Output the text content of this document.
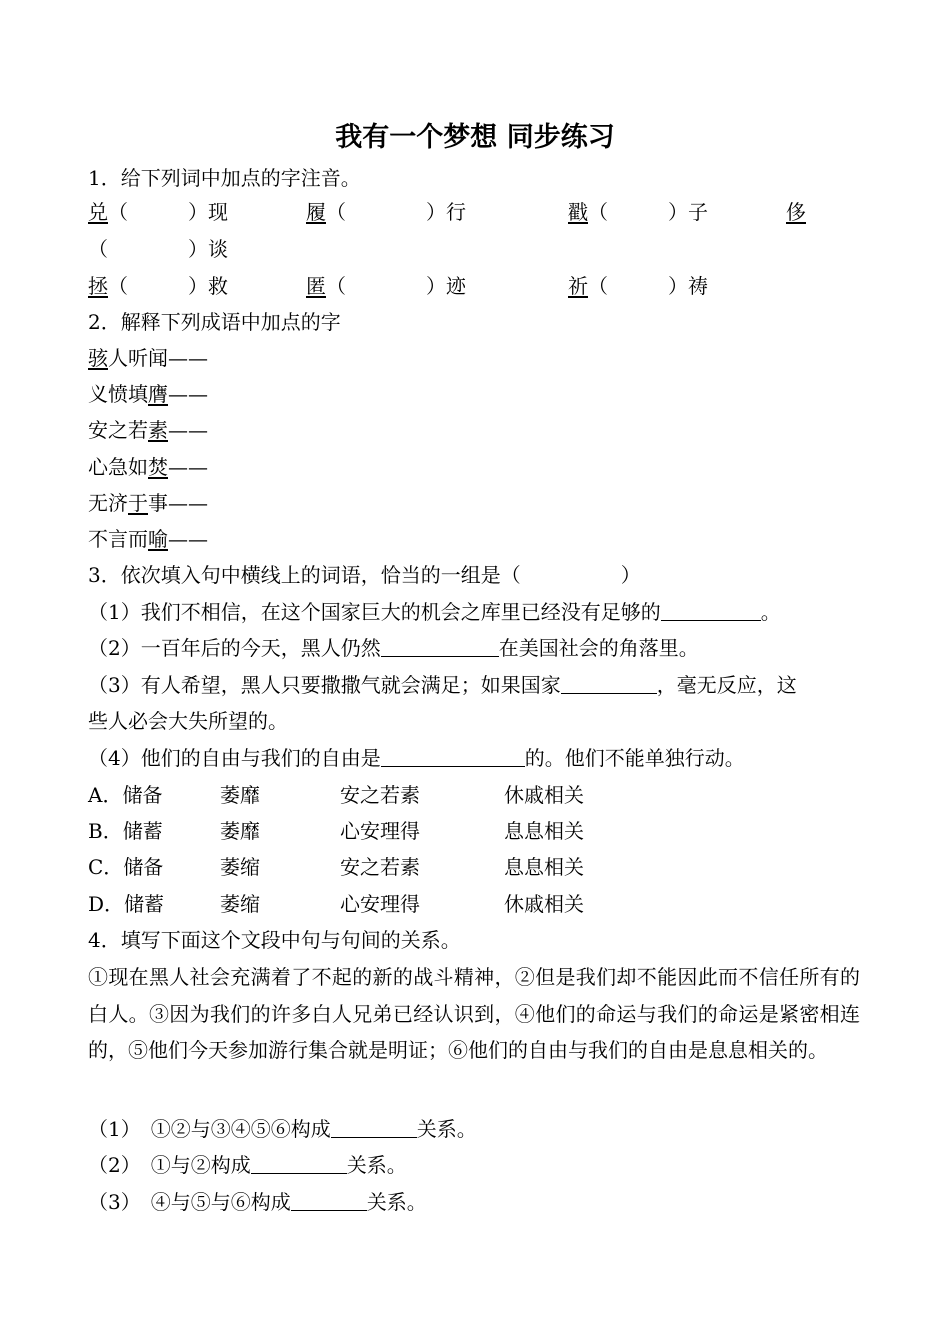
我有一个梦想 同步练习
1．给下列词中加点的字注音。
兑（　　　）现	履（　　　　）行	戳（　　　）子	侈
（　　　　）谈
拯（　　　）救	匿（　　　　）迹	祈（　　　）祷
2．解释下列成语中加点的字
骇人听闻——
义愤填膺——
安之若素——
心急如焚——
无济于事——
不言而喻——
3．依次填入句中横线上的词语，恰当的一组是（　　　　　）
（1）我们不相信，在这个国家巨大的机会之库里已经没有足够的	。
（2）一百年后的今天，黑人仍然	在美国社会的角落里。
（3）有人希望，黑人只要撒撒气就会满足；如果国家	，毫无反应，这
些人必会大失所望的。
（4）他们的自由与我们的自由是	的。他们不能单独行动。
A．储备	萎靡	安之若素	休戚相关
B．储蓄	萎靡	心安理得	息息相关
C．储备	萎缩	安之若素	息息相关
D．储蓄	萎缩	心安理得	休戚相关
4．填写下面这个文段中句与句间的关系。
①现在黑人社会充满着了不起的新的战斗精神，②但是我们却不能因此而不信任所有的白人。③因为我们的许多白人兄弟已经认识到，④他们的命运与我们的命运是紧密相连的，⑤他们今天参加游行集合就是明证；⑥他们的自由与我们的自由是息息相关的。
（1）　①②与③④⑤⑥构成	关系。
（2）　①与②构成	关系。
（3）　④与⑤与⑥构成	关系。
